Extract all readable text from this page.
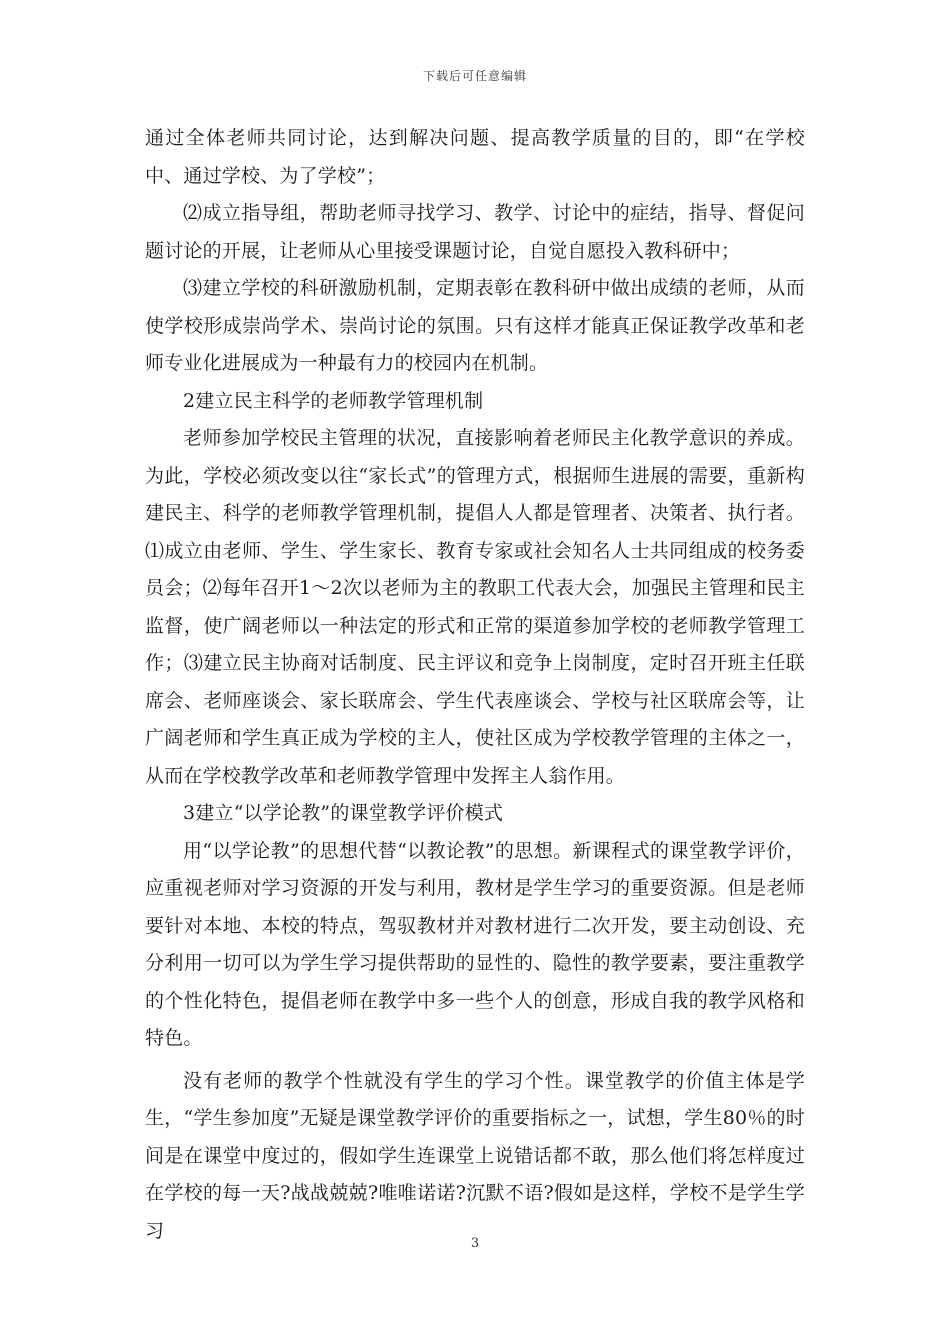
下载后可任意编辑

通过全体老师共同讨论，达到解决问题、提高教学质量的目的，即“在学校中、通过学校、为了学校”；

⑵成立指导组，帮助老师寻找学习、教学、讨论中的症结，指导、督促问题讨论的开展，让老师从心里接受课题讨论，自觉自愿投入教科研中；

⑶建立学校的科研激励机制，定期表彰在教科研中做出成绩的老师，从而使学校形成崇尚学术、崇尚讨论的氛围。只有这样才能真正保证教学改革和老师专业化进展成为一种最有力的校园内在机制。

2建立民主科学的老师教学管理机制

老师参加学校民主管理的状况，直接影响着老师民主化教学意识的养成。为此，学校必须改变以往“家长式”的管理方式，根据师生进展的需要，重新构建民主、科学的老师教学管理机制，提倡人人都是管理者、决策者、执行者。⑴成立由老师、学生、学生家长、教育专家或社会知名人士共同组成的校务委员会；⑵每年召开1～2次以老师为主的教职工代表大会，加强民主管理和民主监督，使广阔老师以一种法定的形式和正常的渠道参加学校的老师教学管理工作；⑶建立民主协商对话制度、民主评议和竞争上岗制度，定时召开班主任联席会、老师座谈会、家长联席会、学生代表座谈会、学校与社区联席会等，让广阔老师和学生真正成为学校的主人，使社区成为学校教学管理的主体之一，从而在学校教学改革和老师教学管理中发挥主人翁作用。

3建立“以学论教”的课堂教学评价模式

用“以学论教”的思想代替“以教论教”的思想。新课程式的课堂教学评价，应重视老师对学习资源的开发与利用，教材是学生学习的重要资源。但是老师要针对本地、本校的特点，驾驭教材并对教材进行二次开发，要主动创设、充分利用一切可以为学生学习提供帮助的显性的、隐性的教学要素，要注重教学的个性化特色，提倡老师在教学中多一些个人的创意，形成自我的教学风格和特色。

没有老师的教学个性就没有学生的学习个性。课堂教学的价值主体是学生，“学生参加度”无疑是课堂教学评价的重要指标之一，试想，学生80％的时间是在课堂中度过的，假如学生连课堂上说错话都不敢，那么他们将怎样度过在学校的每一天?战战兢兢?唯唯诺诺?沉默不语?假如是这样，学校不是学生学习

3
